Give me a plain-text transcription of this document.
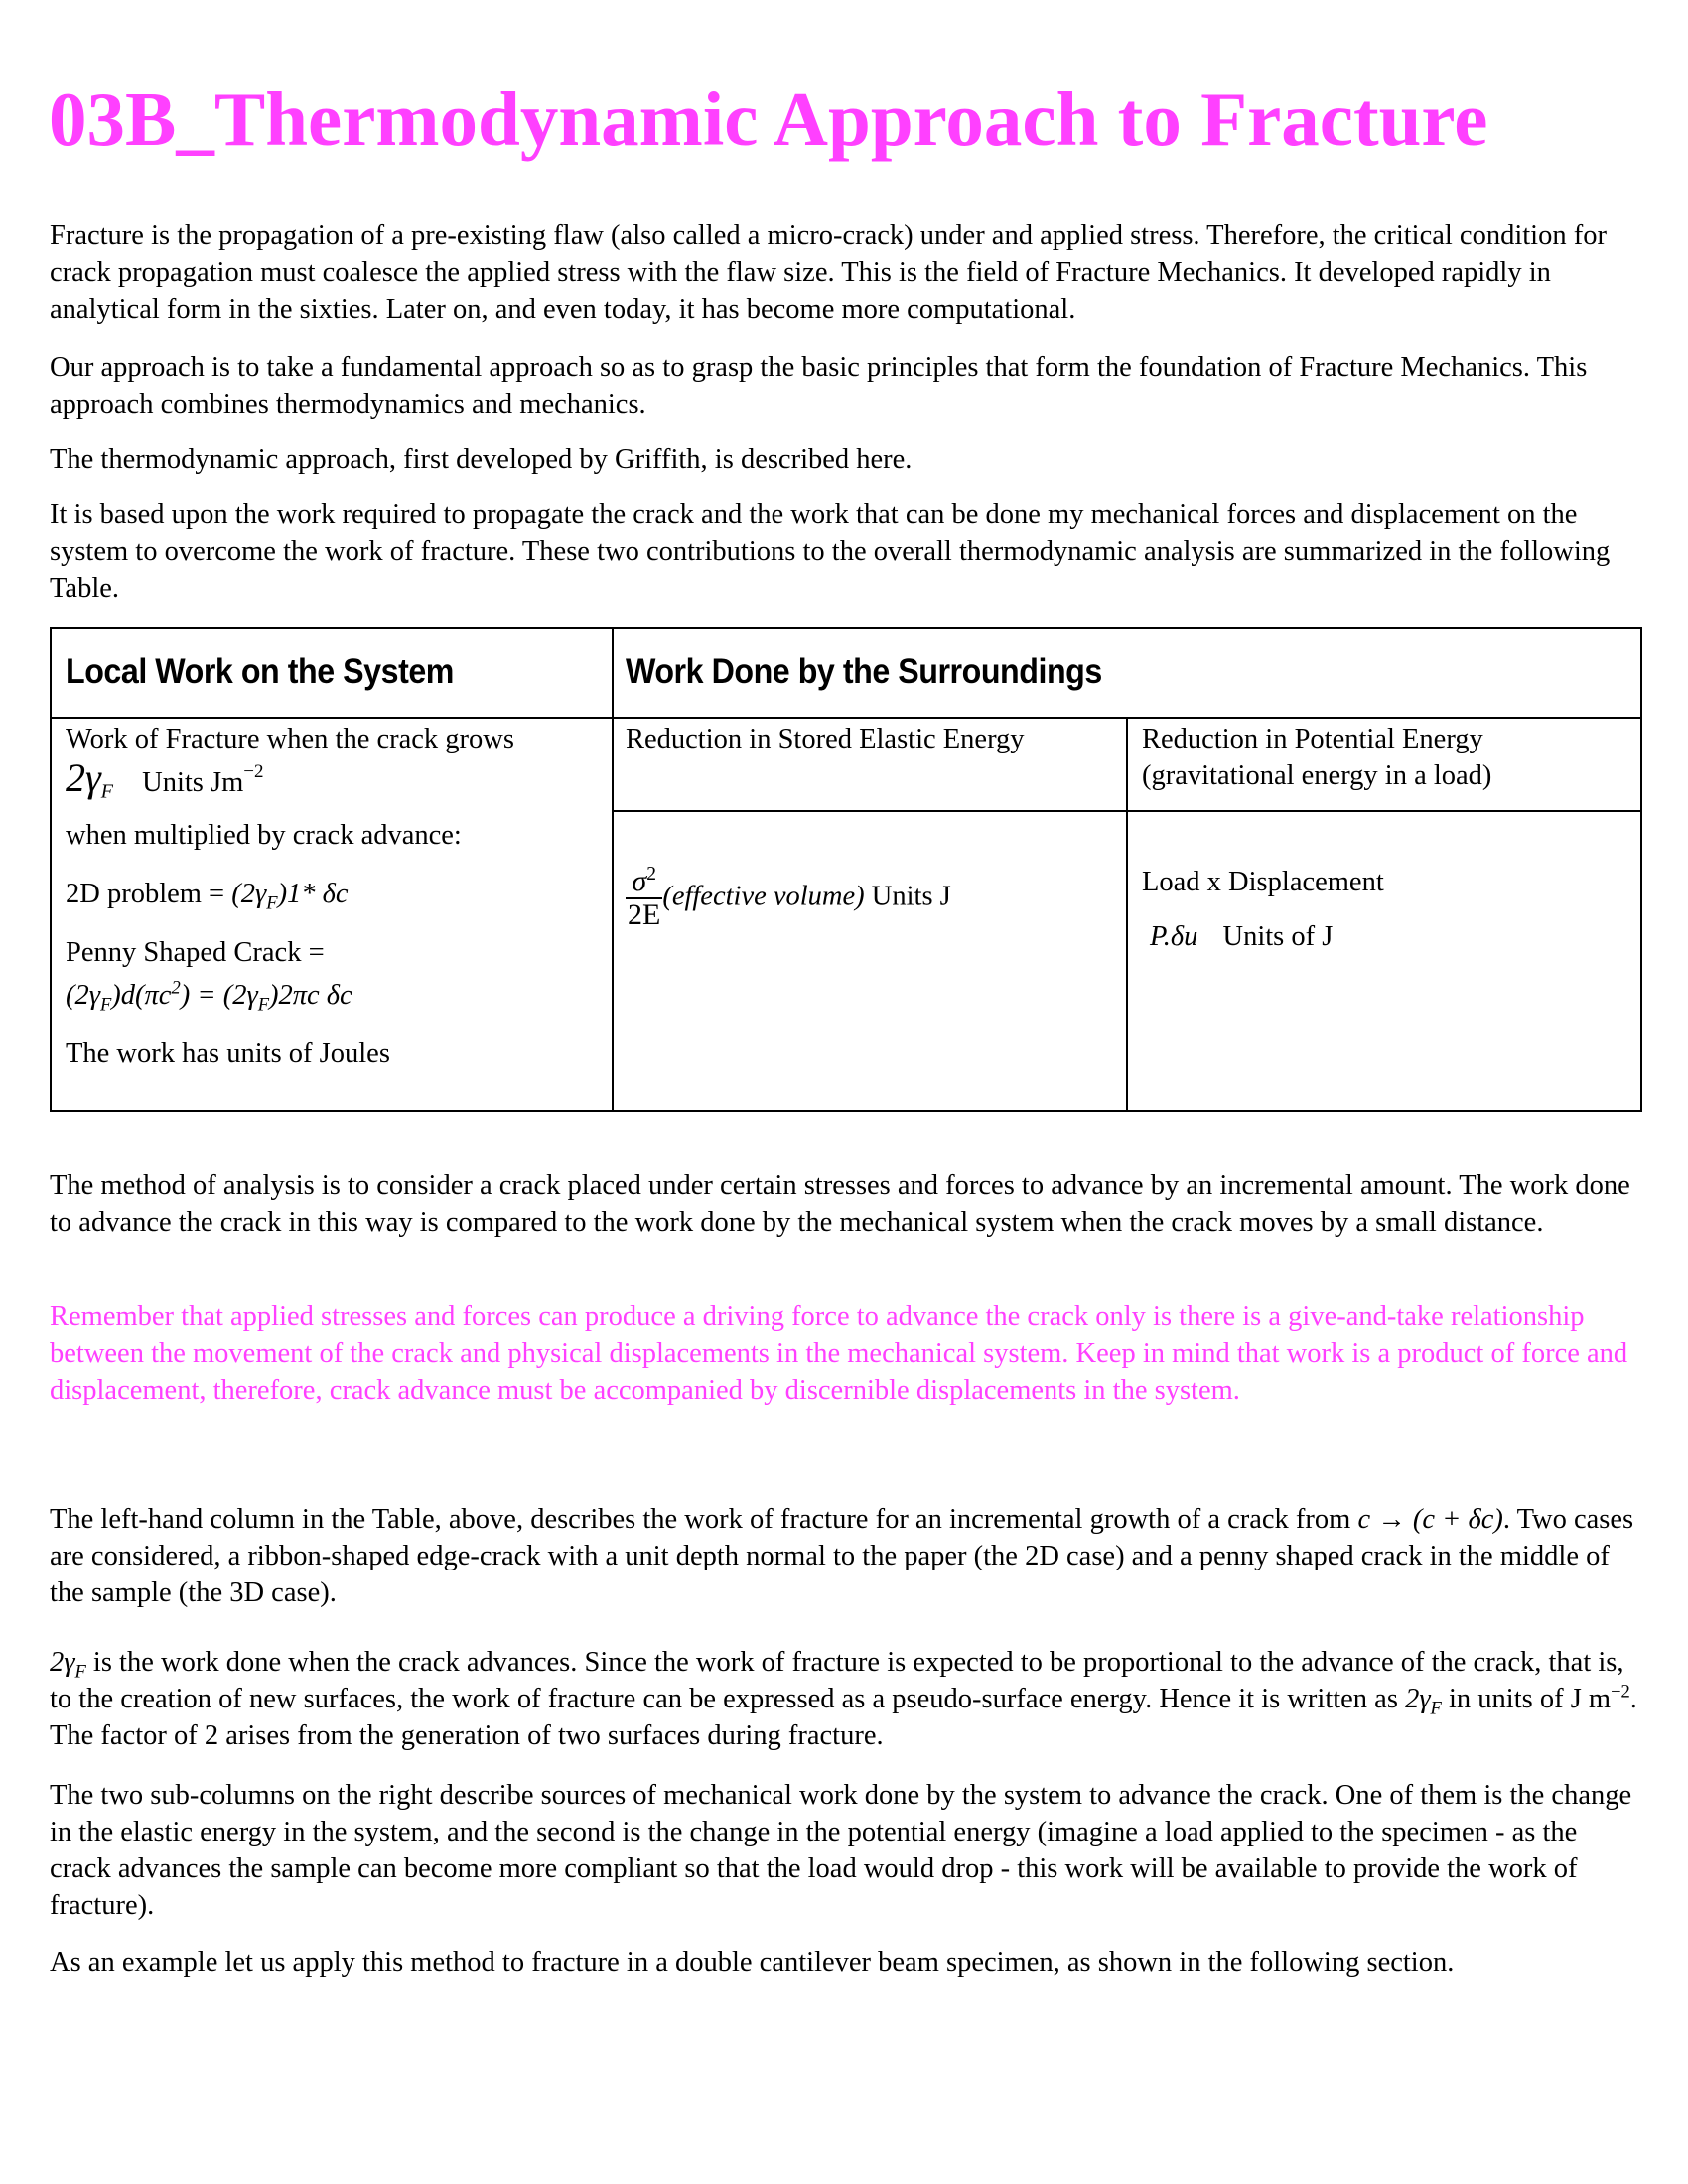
03B_Thermodynamic Approach to Fracture

Fracture is the propagation of a pre-existing flaw (also called a micro-crack) under and applied stress. Therefore, the critical condition for crack propagation must coalesce the applied stress with the flaw size. This is the field of Fracture Mechanics. It developed rapidly in analytical form in the sixties. Later on, and even today, it has become more computational.

Our approach is to take a fundamental approach so as to grasp the basic principles that form the foundation of Fracture Mechanics. This approach combines thermodynamics and mechanics.

The thermodynamic approach, first developed by Griffith, is described here.

It is based upon the work required to propagate the crack and the work that can be done my mechanical forces and displacement on the system to overcome the work of fracture. These two contributions to the overall thermodynamic analysis are summarized in the following Table.

Local Work on the System	Work Done by the Surroundings
Work of Fracture when the crack grows
$2\gamma_F$ Units $Jm^{-2}$
when multiplied by crack advance:
2D problem = $(2\gamma_F)1*$ δc
Penny Shaped Crack =
$(2\gamma_F)d(\pi c^2) = (2\gamma_F)2\pi c$ δc
The work has units of Joules
Reduction in Stored Elastic Energy
$\frac{\sigma^2}{2E}$ (effective volume) Units J
Reduction in Potential Energy
(gravitational energy in a load)
Load x Displacement
P.δu Units of J

The method of analysis is to consider a crack placed under certain stresses and forces to advance by an incremental amount. The work done to advance the crack in this way is compared to the work done by the mechanical system when the crack moves by a small distance.

Remember that applied stresses and forces can produce a driving force to advance the crack only is there is a give-and-take relationship between the movement of the crack and physical displacements in the mechanical system. Keep in mind that work is a product of force and displacement, therefore, crack advance must be accompanied by discernible displacements in the system.

The left-hand column in the Table, above, describes the work of fracture for an incremental growth of a crack from c → (c + δc). Two cases are considered, a ribbon-shaped edge-crack with a unit depth normal to the paper (the 2D case) and a penny shaped crack in the middle of the sample (the 3D case).

$2\gamma_F$ is the work done when the crack advances. Since the work of fracture is expected to be proportional to the advance of the crack, that is, to the creation of new surfaces, the work of fracture can be expressed as a pseudo-surface energy. Hence it is written as $2\gamma_F$ in units of J $m^{-2}$. The factor of 2 arises from the generation of two surfaces during fracture.

The two sub-columns on the right describe sources of mechanical work done by the system to advance the crack. One of them is the change in the elastic energy in the system, and the second is the change in the potential energy (imagine a load applied to the specimen - as the crack advances the sample can become more compliant so that the load would drop - this work will be available to provide the work of fracture).

As an example let us apply this method to fracture in a double cantilever beam specimen, as shown in the following section.
